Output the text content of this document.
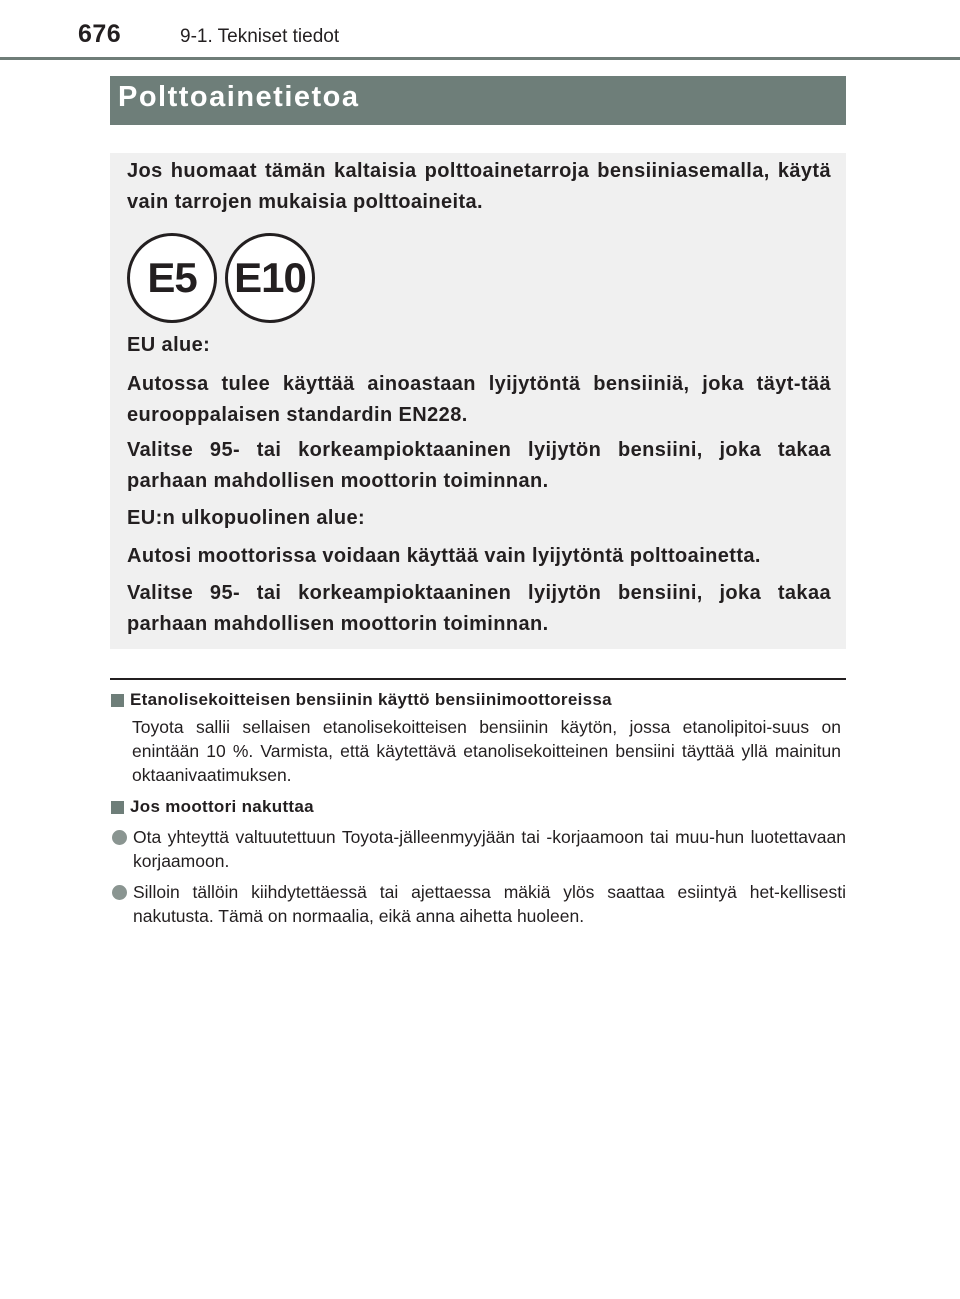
676	9-1. Tekniset tiedot
Polttoainetietoa

Jos huomaat tämän kaltaisia polttoainetarroja bensiiniasemalla, käytä vain tarrojen mukaisia polttoaineita.

E5 E10

EU alue:

Autossa tulee käyttää ainoastaan lyijytöntä bensiiniä, joka täyt-tää eurooppalaisen standardin EN228.

Valitse 95- tai korkeampioktaaninen lyijytön bensiini, joka takaa parhaan mahdollisen moottorin toiminnan.

EU:n ulkopuolinen alue:

Autosi moottorissa voidaan käyttää vain lyijytöntä polttoainetta.

Valitse 95- tai korkeampioktaaninen lyijytön bensiini, joka takaa parhaan mahdollisen moottorin toiminnan.

Etanolisekoitteisen bensiinin käyttö bensiinimoottoreissa

Toyota sallii sellaisen etanolisekoitteisen bensiinin käytön, jossa etanolipitoi-suus on enintään 10 %. Varmista, että käytettävä etanolisekoitteinen bensiini täyttää yllä mainitun oktaanivaatimuksen.

Jos moottori nakuttaa

Ota yhteyttä valtuutettuun Toyota-jälleenmyyjään tai -korjaamoon tai muu-hun luotettavaan korjaamoon.

Silloin tällöin kiihdytettäessä tai ajettaessa mäkiä ylös saattaa esiintyä het-kellisesti nakutusta. Tämä on normaalia, eikä anna aihetta huoleen.
